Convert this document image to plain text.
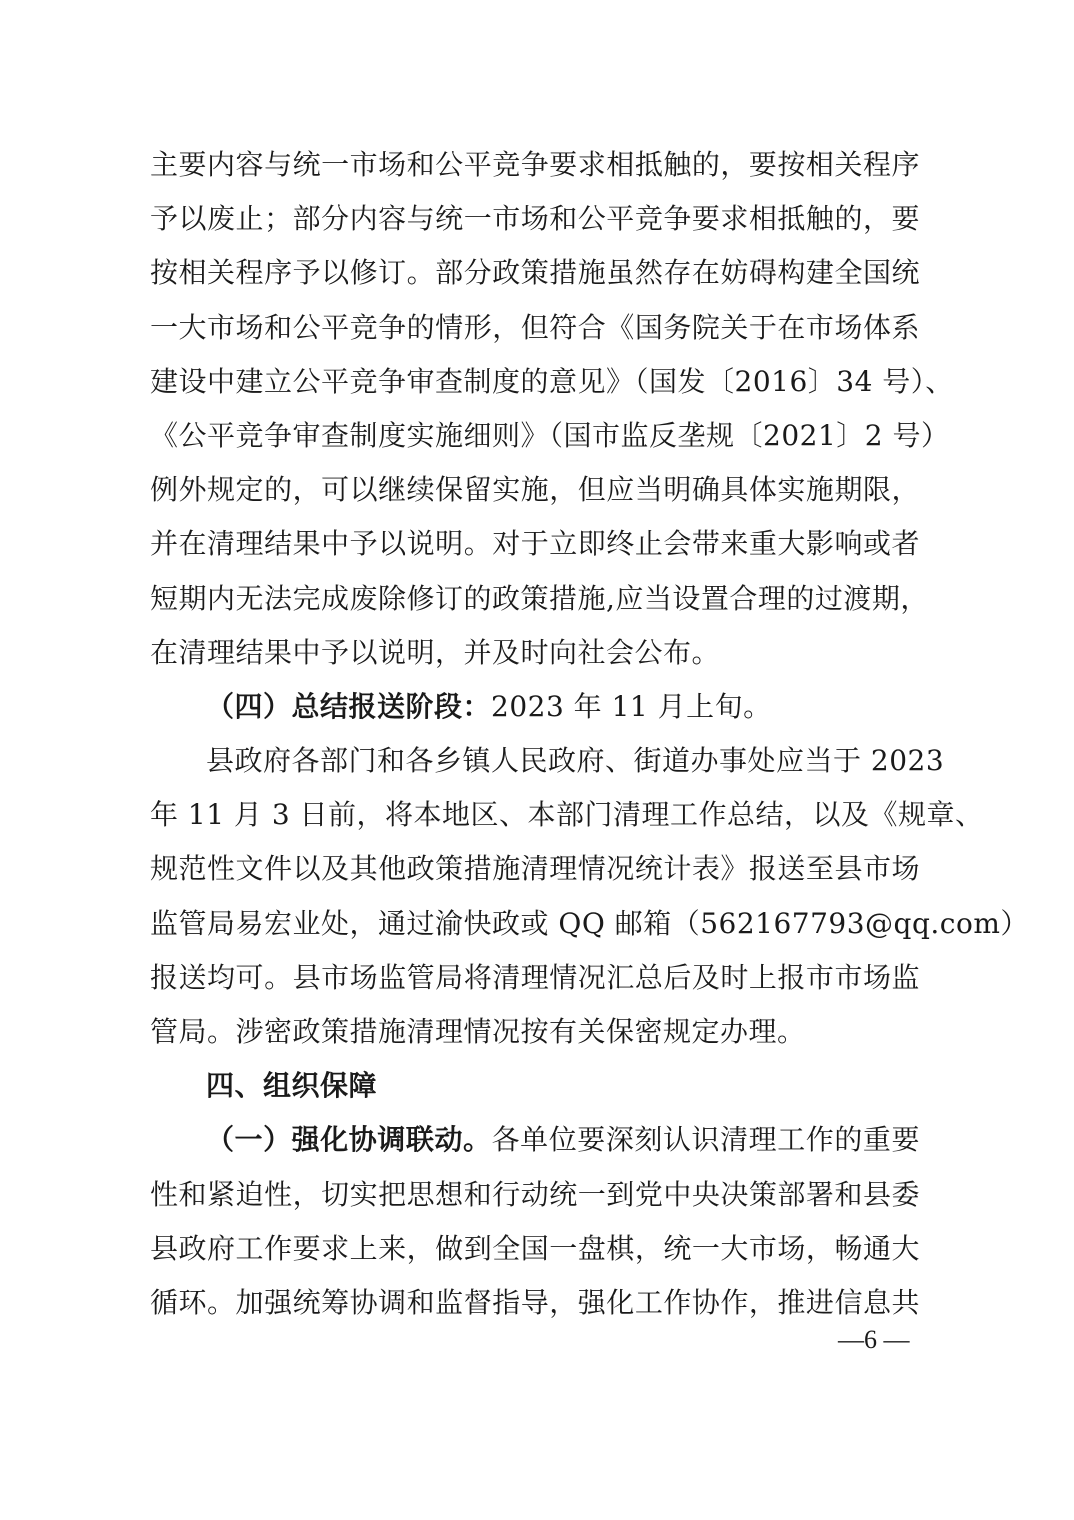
主要内容与统一市场和公平竞争要求相抵触的，要按相关程序
予以废止；部分内容与统一市场和公平竞争要求相抵触的，要
按相关程序予以修订。部分政策措施虽然存在妨碍构建全国统
一大市场和公平竞争的情形，但符合《国务院关于在市场体系
建设中建立公平竞争审查制度的意见》（国发〔2016〕34 号）、
《公平竞争审查制度实施细则》（国市监反垄规〔2021〕2 号）
例外规定的，可以继续保留实施，但应当明确具体实施期限，
并在清理结果中予以说明。对于立即终止会带来重大影响或者
短期内无法完成废除修订的政策措施,应当设置合理的过渡期，
在清理结果中予以说明，并及时向社会公布。
（四）总结报送阶段：2023 年 11 月上旬。
县政府各部门和各乡镇人民政府、街道办事处应当于 2023
年 11 月 3 日前，将本地区、本部门清理工作总结，以及《规章、
规范性文件以及其他政策措施清理情况统计表》报送至县市场
监管局易宏业处，通过渝快政或 QQ 邮箱（562167793@qq.com）
报送均可。县市场监管局将清理情况汇总后及时上报市市场监
管局。涉密政策措施清理情况按有关保密规定办理。
四、组织保障
（一）强化协调联动。各单位要深刻认识清理工作的重要
性和紧迫性，切实把思想和行动统一到党中央决策部署和县委
县政府工作要求上来，做到全国一盘棋，统一大市场，畅通大
循环。加强统筹协调和监督指导，强化工作协作，推进信息共
—6 —
